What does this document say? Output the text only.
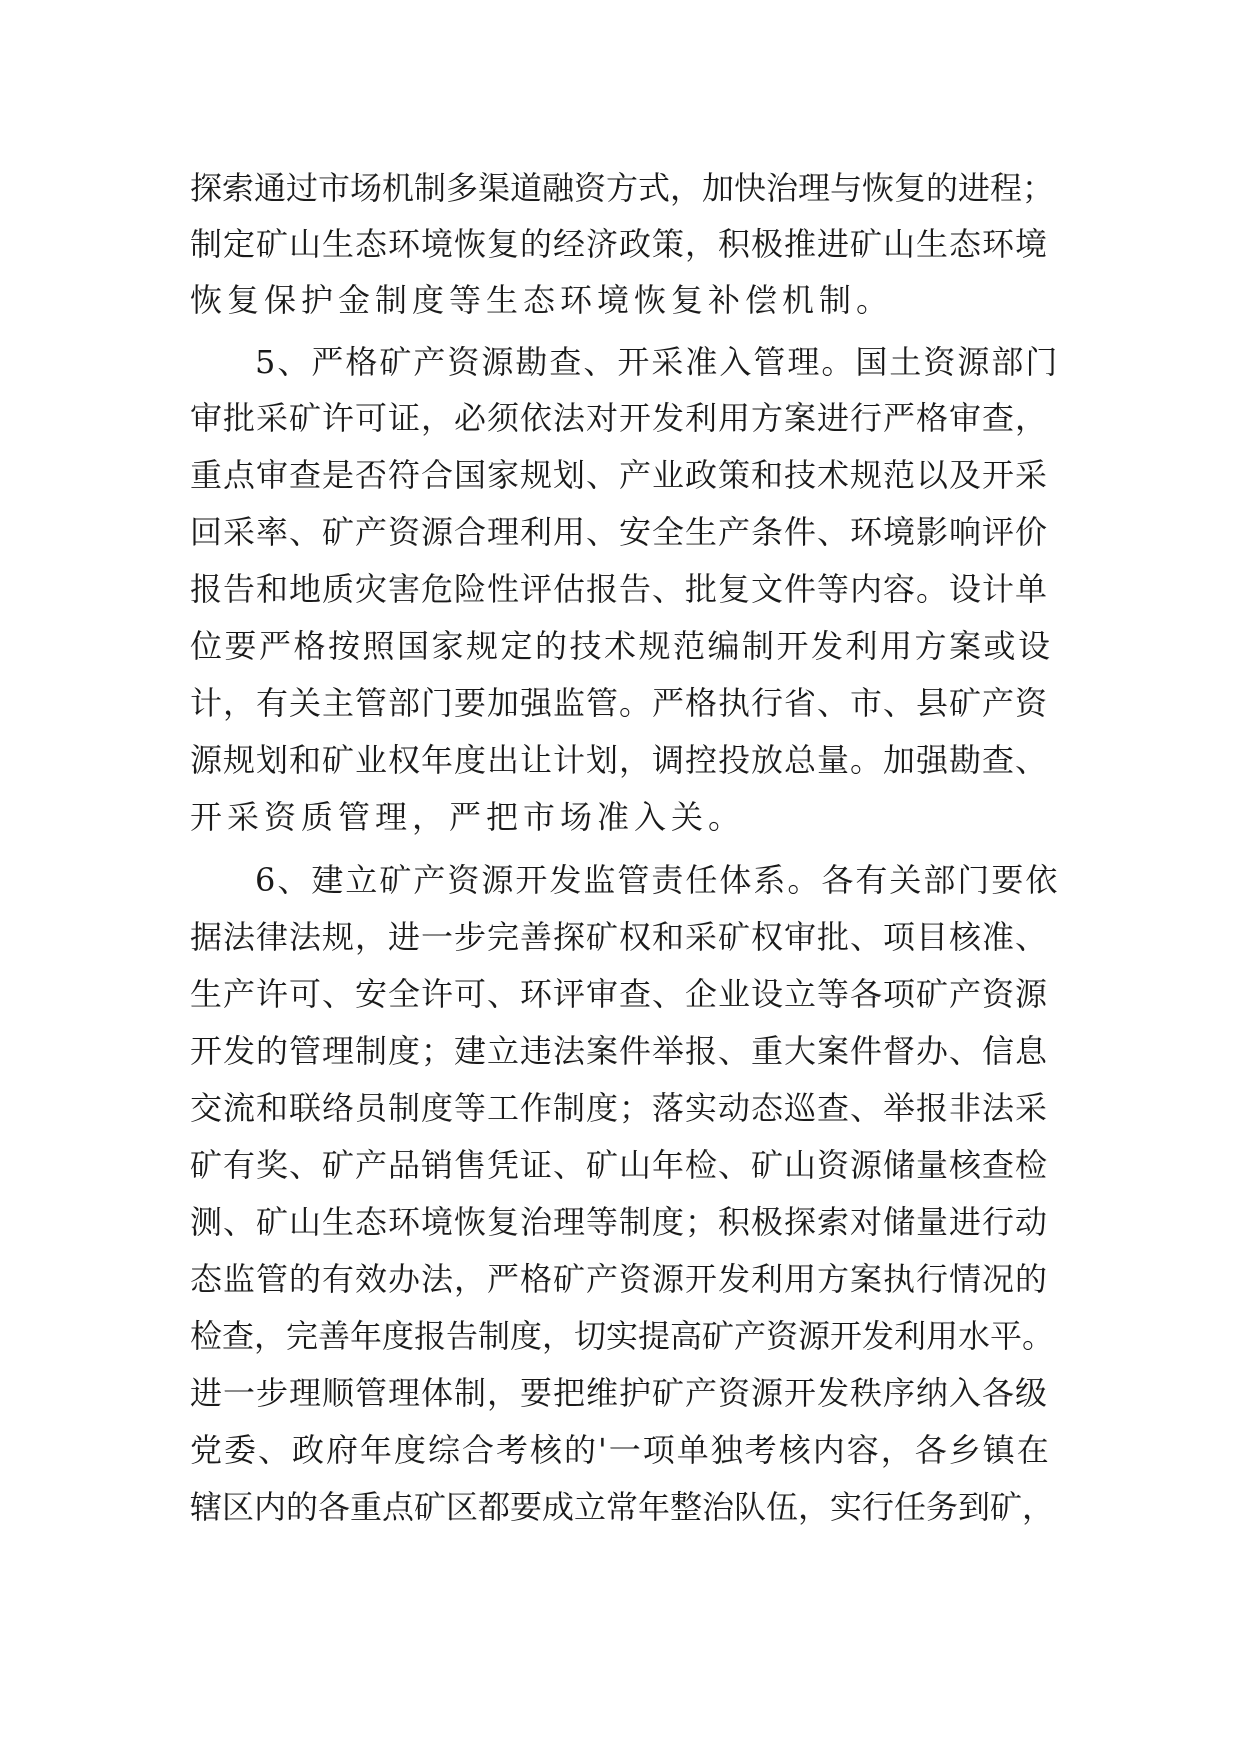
探索通过市场机制多渠道融资方式，加快治理与恢复的进程；
制定矿山生态环境恢复的经济政策，积极推进矿山生态环境
恢复保护金制度等生态环境恢复补偿机制。
5、严格矿产资源勘查、开采准入管理。国土资源部门
审批采矿许可证，必须依法对开发利用方案进行严格审查，
重点审查是否符合国家规划、产业政策和技术规范以及开采
回采率、矿产资源合理利用、安全生产条件、环境影响评价
报告和地质灾害危险性评估报告、批复文件等内容。设计单
位要严格按照国家规定的技术规范编制开发利用方案或设
计，有关主管部门要加强监管。严格执行省、市、县矿产资
源规划和矿业权年度出让计划，调控投放总量。加强勘查、
开采资质管理，严把市场准入关。
6、建立矿产资源开发监管责任体系。各有关部门要依
据法律法规，进一步完善探矿权和采矿权审批、项目核准、
生产许可、安全许可、环评审查、企业设立等各项矿产资源
开发的管理制度；建立违法案件举报、重大案件督办、信息
交流和联络员制度等工作制度；落实动态巡查、举报非法采
矿有奖、矿产品销售凭证、矿山年检、矿山资源储量核查检
测、矿山生态环境恢复治理等制度；积极探索对储量进行动
态监管的有效办法，严格矿产资源开发利用方案执行情况的
检查，完善年度报告制度，切实提高矿产资源开发利用水平。
进一步理顺管理体制，要把维护矿产资源开发秩序纳入各级
党委、政府年度综合考核的'一项单独考核内容，各乡镇在
辖区内的各重点矿区都要成立常年整治队伍，实行任务到矿，
